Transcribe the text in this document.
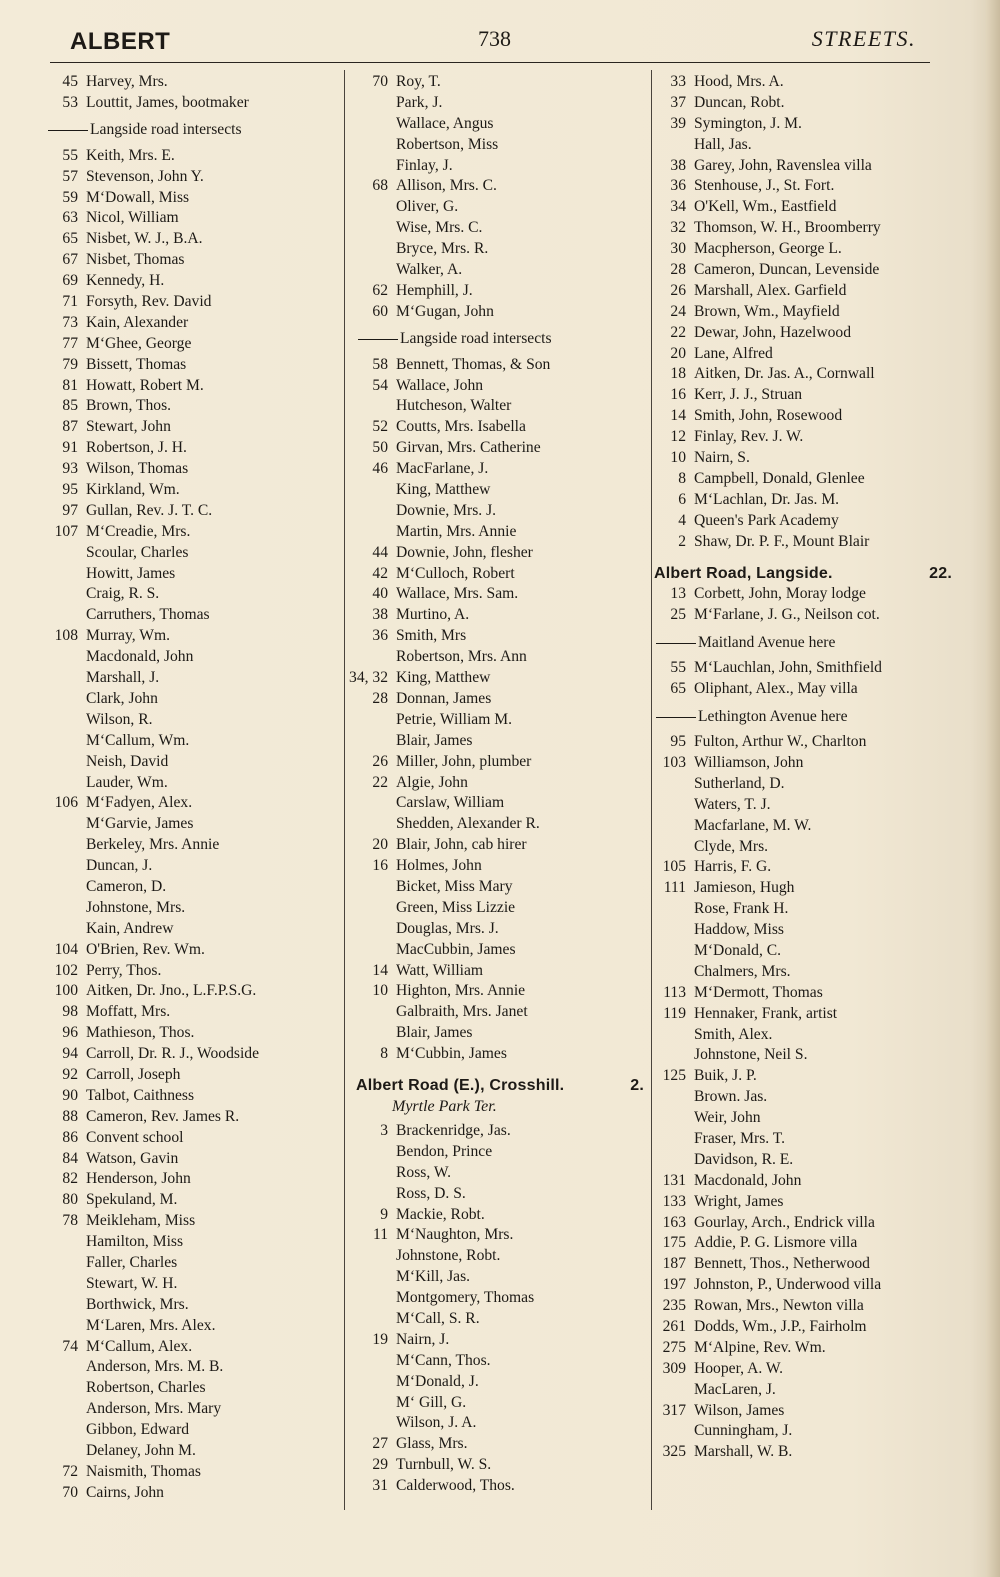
ALBERT	738	STREETS.
45 Harvey, Mrs.
53 Louttit, James, bootmaker
Langside road intersects
55 Keith, Mrs. E.
57 Stevenson, John Y.
59 M‘Dowall, Miss
63 Nicol, William
65 Nisbet, W. J., B.A.
67 Nisbet, Thomas
69 Kennedy, H.
71 Forsyth, Rev. David
73 Kain, Alexander
77 M‘Ghee, George
79 Bissett, Thomas
81 Howatt, Robert M.
85 Brown, Thos.
87 Stewart, John
91 Robertson, J. H.
93 Wilson, Thomas
95 Kirkland, Wm.
97 Gullan, Rev. J. T. C.
107 M‘Creadie, Mrs.
Scoular, Charles
Howitt, James
Craig, R. S.
Carruthers, Thomas
108 Murray, Wm.
Macdonald, John
Marshall, J.
Clark, John
Wilson, R.
M‘Callum, Wm.
Neish, David
Lauder, Wm.
106 M‘Fadyen, Alex.
M‘Garvie, James
Berkeley, Mrs. Annie
Duncan, J.
Cameron, D.
Johnstone, Mrs.
Kain, Andrew
104 O'Brien, Rev. Wm.
102 Perry, Thos.
100 Aitken, Dr. Jno., L.F.P.S.G.
98 Moffatt, Mrs.
96 Mathieson, Thos.
94 Carroll, Dr. R. J., Woodside
92 Carroll, Joseph
90 Talbot, Caithness
88 Cameron, Rev. James R.
86 Convent school
84 Watson, Gavin
82 Henderson, John
80 Spekuland, M.
78 Meikleham, Miss
Hamilton, Miss
Faller, Charles
Stewart, W. H.
Borthwick, Mrs.
M‘Laren, Mrs. Alex.
74 M‘Callum, Alex.
Anderson, Mrs. M. B.
Robertson, Charles
Anderson, Mrs. Mary
Gibbon, Edward
Delaney, John M.
72 Naismith, Thomas
70 Cairns, John
70 Roy, T.
Park, J.
Wallace, Angus
Robertson, Miss
Finlay, J.
68 Allison, Mrs. C.
Oliver, G.
Wise, Mrs. C.
Bryce, Mrs. R.
Walker, A.
62 Hemphill, J.
60 M‘Gugan, John
Langside road intersects
58 Bennett, Thomas, & Son
54 Wallace, John
Hutcheson, Walter
52 Coutts, Mrs. Isabella
50 Girvan, Mrs. Catherine
46 MacFarlane, J.
King, Matthew
Downie, Mrs. J.
Martin, Mrs. Annie
44 Downie, John, flesher
42 M‘Culloch, Robert
40 Wallace, Mrs. Sam.
38 Murtino, A.
36 Smith, Mrs
Robertson, Mrs. Ann
34, 32 King, Matthew
28 Donnan, James
Petrie, William M.
Blair, James
26 Miller, John, plumber
22 Algie, John
Carslaw, William
Shedden, Alexander R.
20 Blair, John, cab hirer
16 Holmes, John
Bicket, Miss Mary
Green, Miss Lizzie
Douglas, Mrs. J.
MacCubbin, James
14 Watt, William
10 Highton, Mrs. Annie
Galbraith, Mrs. Janet
Blair, James
8 M‘Cubbin, James
Albert Road (E.), Crosshill.	2.
Myrtle Park Ter.
3 Brackenridge, Jas.
Bendon, Prince
Ross, W.
Ross, D. S.
9 Mackie, Robt.
11 M‘Naughton, Mrs.
Johnstone, Robt.
M‘Kill, Jas.
Montgomery, Thomas
M‘Call, S. R.
19 Nairn, J.
M‘Cann, Thos.
M‘Donald, J.
M‘ Gill, G.
Wilson, J. A.
27 Glass, Mrs.
29 Turnbull, W. S.
31 Calderwood, Thos.
33 Hood, Mrs. A.
37 Duncan, Robt.
39 Symington, J. M.
Hall, Jas.
38 Garey, John, Ravenslea villa
36 Stenhouse, J., St. Fort.
34 O'Kell, Wm., Eastfield
32 Thomson, W. H., Broomberry
30 Macpherson, George L.
28 Cameron, Duncan, Levenside
26 Marshall, Alex. Garfield
24 Brown, Wm., Mayfield
22 Dewar, John, Hazelwood
20 Lane, Alfred
18 Aitken, Dr. Jas. A., Cornwall
16 Kerr, J. J., Struan
14 Smith, John, Rosewood
12 Finlay, Rev. J. W.
10 Nairn, S.
8 Campbell, Donald, Glenlee
6 M‘Lachlan, Dr. Jas. M.
4 Queen's Park Academy
2 Shaw, Dr. P. F., Mount Blair
Albert Road, Langside.	22.
13 Corbett, John, Moray lodge
25 M‘Farlane, J. G., Neilson cot.
Maitland Avenue here
55 M‘Lauchlan, John, Smithfield
65 Oliphant, Alex., May villa
Lethington Avenue here
95 Fulton, Arthur W., Charlton
103 Williamson, John
Sutherland, D.
Waters, T. J.
Macfarlane, M. W.
Clyde, Mrs.
105 Harris, F. G.
111 Jamieson, Hugh
Rose, Frank H.
Haddow, Miss
M‘Donald, C.
Chalmers, Mrs.
113 M‘Dermott, Thomas
119 Hennaker, Frank, artist
Smith, Alex.
Johnstone, Neil S.
125 Buik, J. P.
Brown. Jas.
Weir, John
Fraser, Mrs. T.
Davidson, R. E.
131 Macdonald, John
133 Wright, James
163 Gourlay, Arch., Endrick villa
175 Addie, P. G. Lismore villa
187 Bennett, Thos., Netherwood
197 Johnston, P., Underwood villa
235 Rowan, Mrs., Newton villa
261 Dodds, Wm., J.P., Fairholm
275 M‘Alpine, Rev. Wm.
309 Hooper, A. W.
MacLaren, J.
317 Wilson, James
Cunningham, J.
325 Marshall, W. B.
